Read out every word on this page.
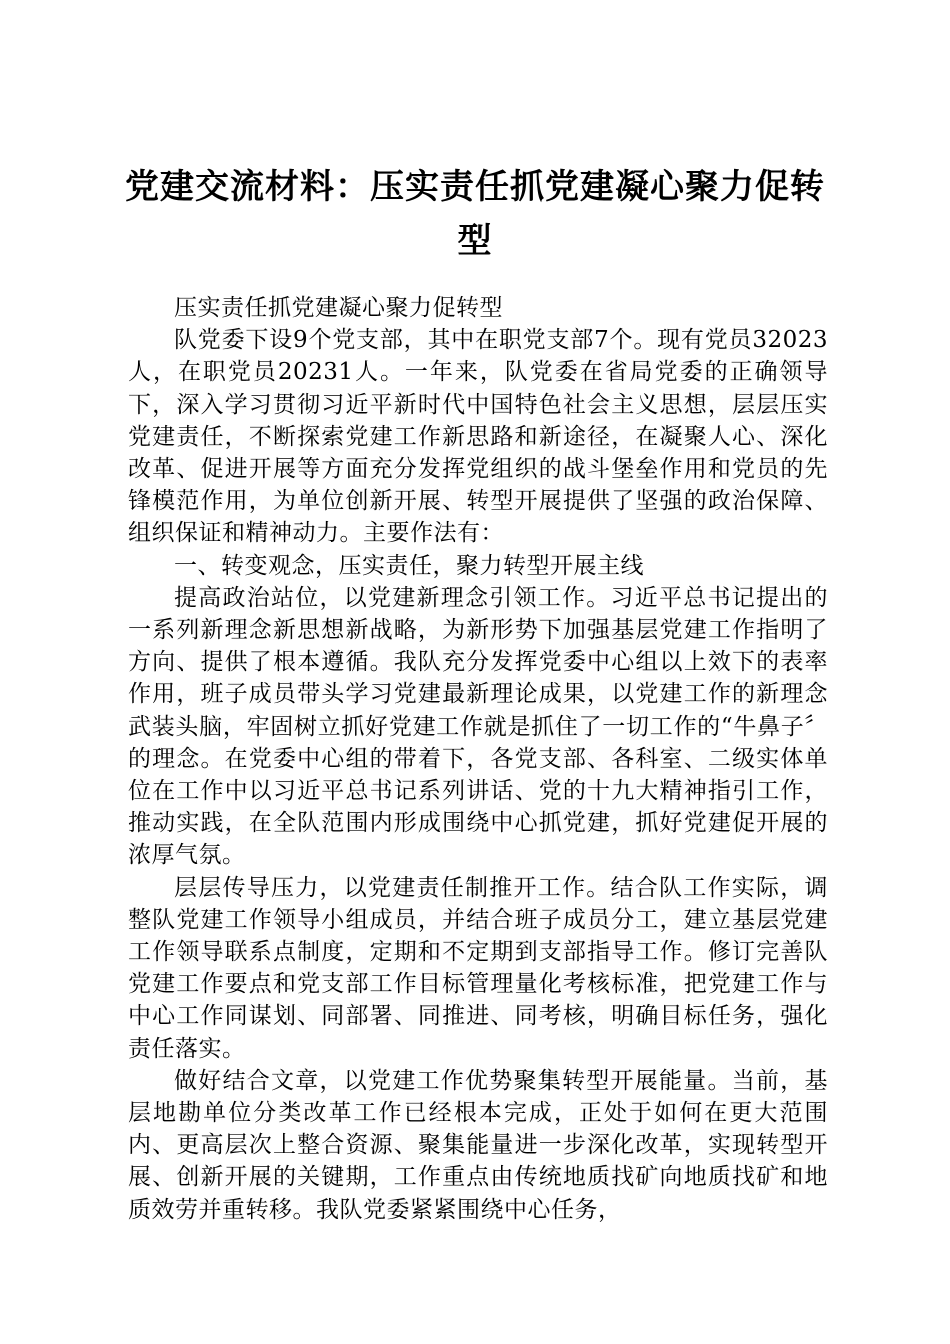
党建交流材料：压实责任抓党建凝心聚力促转型

压实责任抓党建凝心聚力促转型

队党委下设9个党支部，其中在职党支部7个。现有党员32023人，在职党员20231人。一年来，队党委在省局党委的正确领导下，深入学习贯彻习近平新时代中国特色社会主义思想，层层压实党建责任，不断探索党建工作新思路和新途径，在凝聚人心、深化改革、促进开展等方面充分发挥党组织的战斗堡垒作用和党员的先锋模范作用，为单位创新开展、转型开展提供了坚强的政治保障、组织保证和精神动力。主要作法有：

一、转变观念，压实责任，聚力转型开展主线

提高政治站位，以党建新理念引领工作。习近平总书记提出的一系列新理念新思想新战略，为新形势下加强基层党建工作指明了方向、提供了根本遵循。我队充分发挥党委中心组以上效下的表率作用，班子成员带头学习党建最新理论成果，以党建工作的新理念武装头脑，牢固树立抓好党建工作就是抓住了一切工作的“牛鼻子〞的理念。在党委中心组的带着下，各党支部、各科室、二级实体单位在工作中以习近平总书记系列讲话、党的十九大精神指引工作，推动实践，在全队范围内形成围绕中心抓党建，抓好党建促开展的浓厚气氛。

层层传导压力，以党建责任制推开工作。结合队工作实际，调整队党建工作领导小组成员，并结合班子成员分工，建立基层党建工作领导联系点制度，定期和不定期到支部指导工作。修订完善队党建工作要点和党支部工作目标管理量化考核标准，把党建工作与中心工作同谋划、同部署、同推进、同考核，明确目标任务，强化责任落实。

做好结合文章，以党建工作优势聚集转型开展能量。当前，基层地勘单位分类改革工作已经根本完成，正处于如何在更大范围内、更高层次上整合资源、聚集能量进一步深化改革，实现转型开展、创新开展的关键期，工作重点由传统地质找矿向地质找矿和地质效劳并重转移。我队党委紧紧围绕中心任务，
